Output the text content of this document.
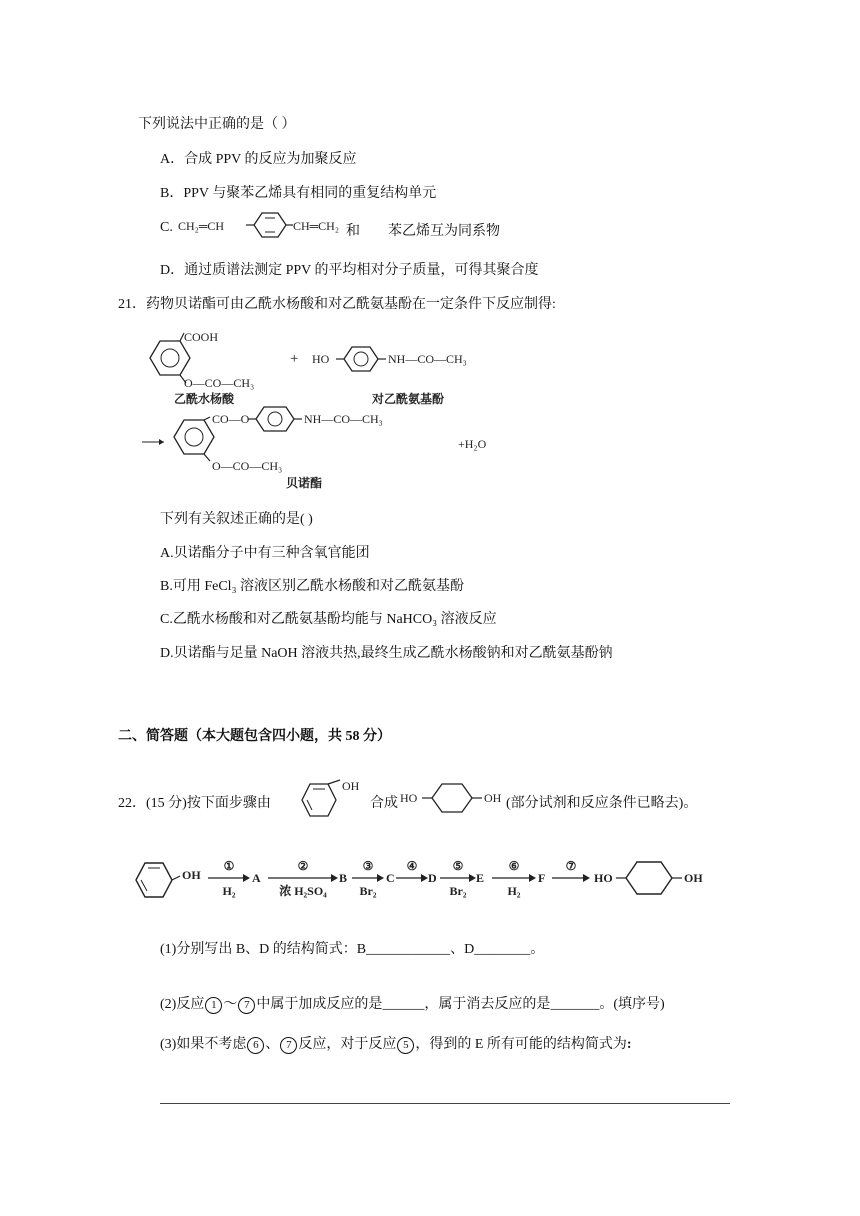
下列说法中正确的是（ ）
A．合成 PPV 的反应为加聚反应
B．PPV 与聚苯乙烯具有相同的重复结构单元
C. CH₂═CH	CH═CH₂ 和 苯乙烯互为同系物
D．通过质谱法测定 PPV 的平均相对分子质量，可得其聚合度
21．药物贝诺酯可由乙酰水杨酸和对乙酰氨基酚在一定条件下反应制得:
COOH
O—CO—CH₃
乙酰水杨酸
+ HO	NH—CO—CH₃
对乙酰氨基酚
CO—O	NH—CO—CH₃
O—CO—CH₃
+H₂O
贝诺酯
下列有关叙述正确的是( )
A.贝诺酯分子中有三种含氧官能团
B.可用 FeCl₃ 溶液区别乙酰水杨酸和对乙酰氨基酚
C.乙酰水杨酸和对乙酰氨基酚均能与 NaHCO₃ 溶液反应
D.贝诺酯与足量 NaOH 溶液共热,最终生成乙酰水杨酸钠和对乙酰氨基酚钠
二、简答题（本大题包含四小题，共 58 分）
22．(15 分)按下面步骤由
OH
合成 HO	OH (部分试剂和反应条件已略去)。
OH
①
H₂
②
浓 H₂SO₄
③
Br₂
④	⑤
Br₂
⑥
H₂
⑦
A	B	C	D	E	F	HO	OH
(1)分别写出 B、D 的结构简式：B____________、D________。
(2)反应 1 ～ 7 中属于加成反应的是______，属于消去反应的是_______。(填序号)
(3)如果不考虑 6 、 7 反应，对于反应 5 ，得到的 E 所有可能的结构简式为:
